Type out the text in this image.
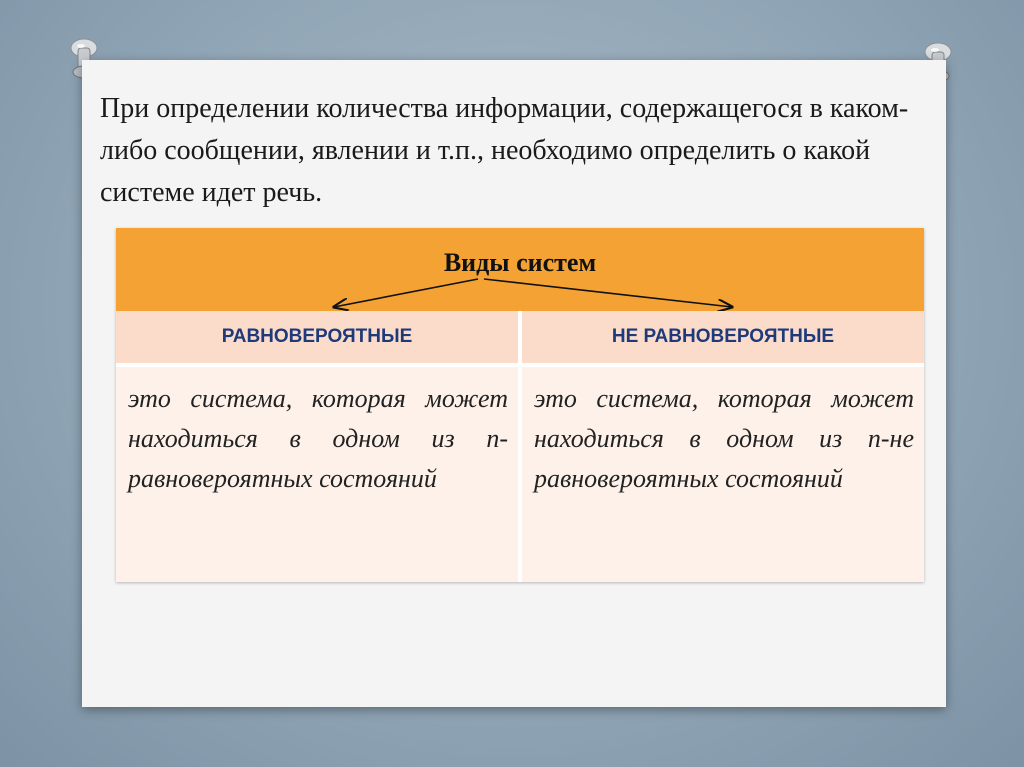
При определении количества информации, содержащегося в каком-либо сообщении, явлении и т.п., необходимо определить о какой системе идет речь.

Виды систем
РАВНОВЕРОЯТНЫЕ	НЕ РАВНОВЕРОЯТНЫЕ
это система, которая может находиться в одном из n-равновероятных состояний
это система, которая может находиться в одном из n-не равновероятных состояний
